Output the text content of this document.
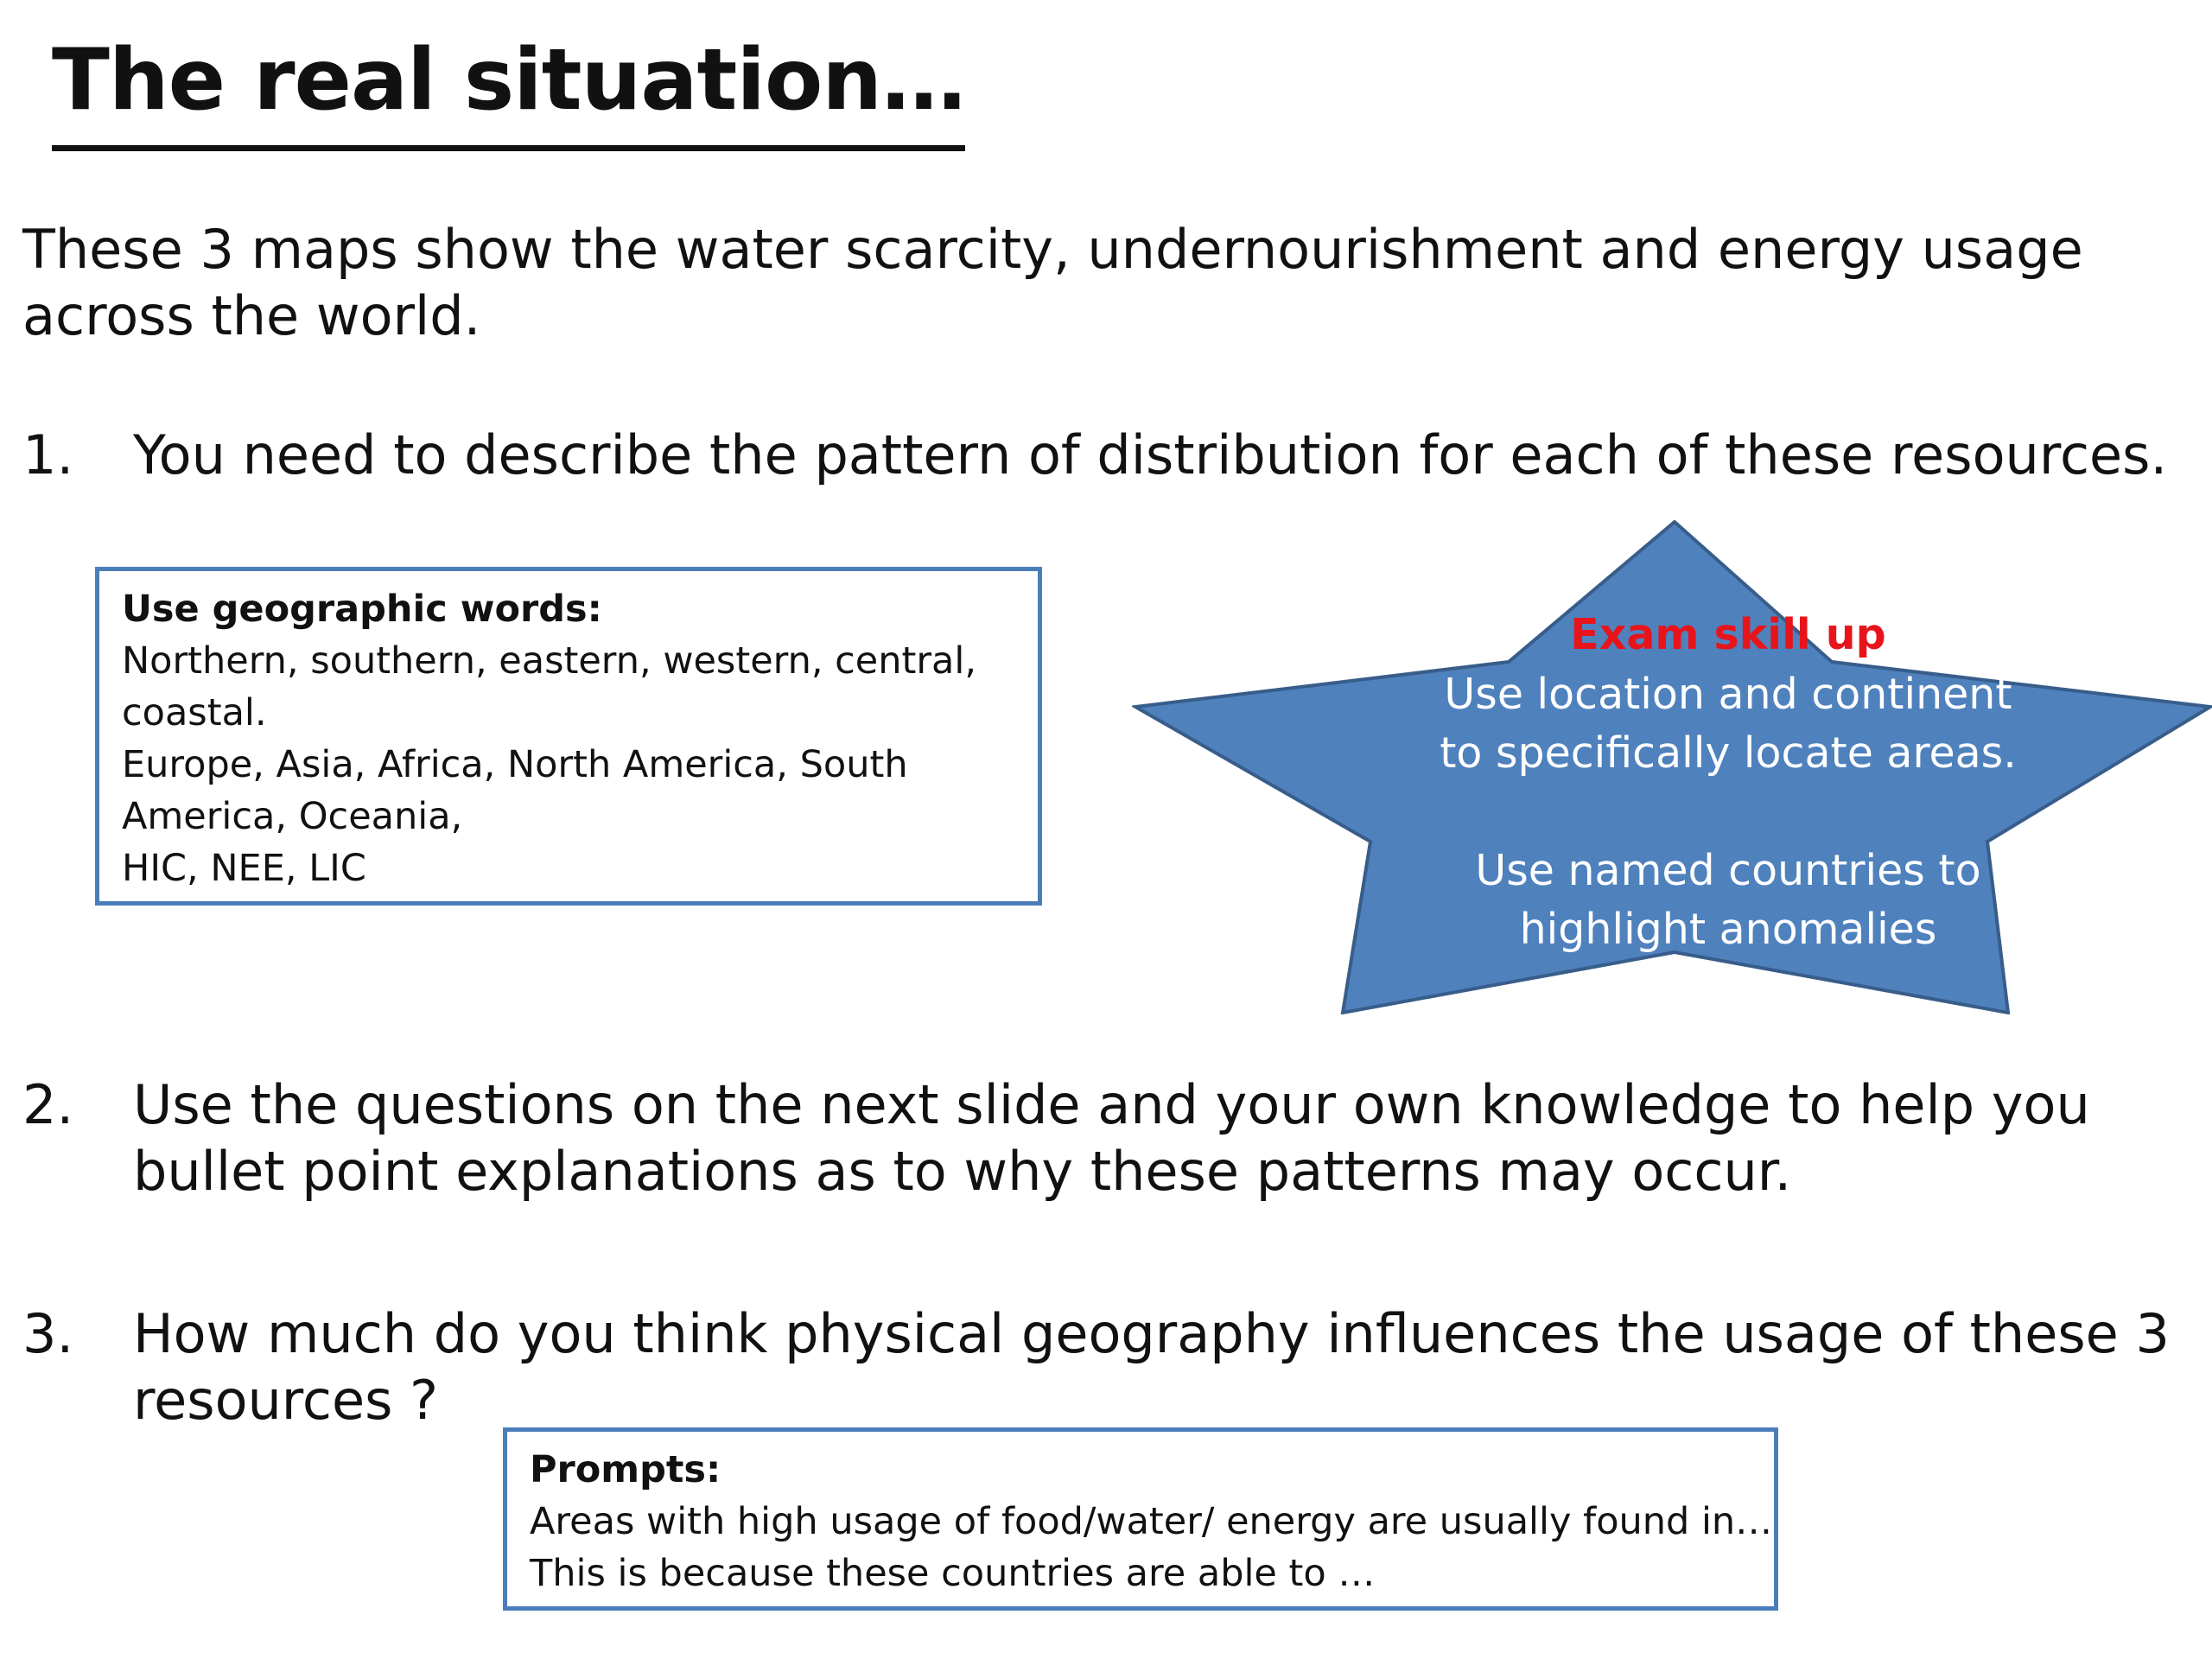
The real situation…

These 3 maps show the water scarcity, undernourishment and energy usage across the world.

1. You need to describe the pattern of distribution for each of these resources.
Use geographic words:
Northern, southern, eastern, western, central, coastal.
Europe, Asia, Africa, North America, South America, Oceania,
HIC, NEE, LIC
Exam skill up
Use location and continent
to specifically locate areas.
Use named countries to
highlight anomalies
2. Use the questions on the next slide and your own knowledge to help you bullet point explanations as to why these patterns may occur.
3. How much do you think physical geography influences the usage of these 3 resources ?
Prompts:
Areas with high usage of food/water/ energy are usually found in…
This is because these countries are able to …
